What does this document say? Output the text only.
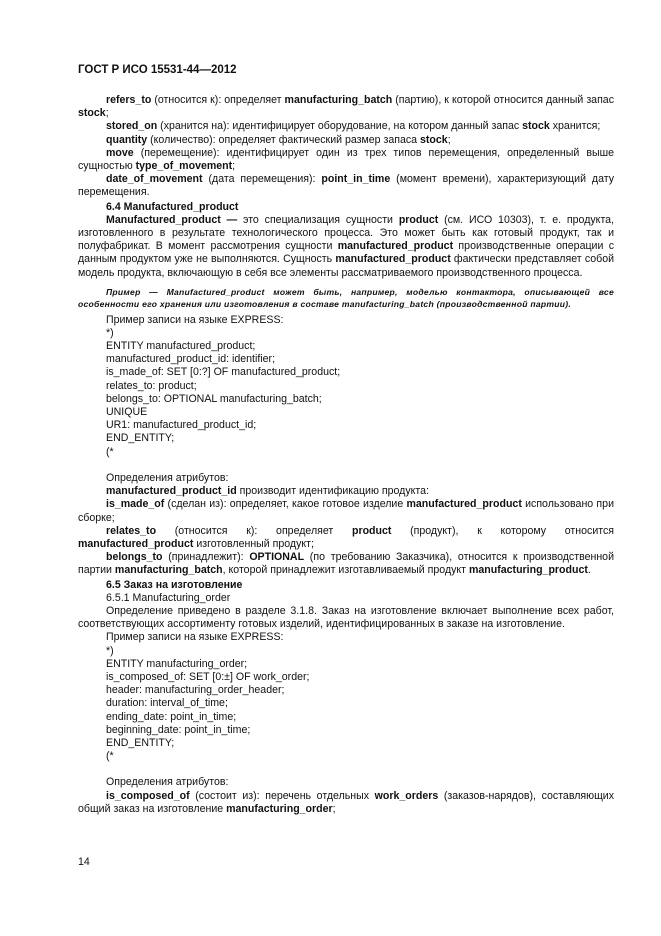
ГОСТ Р ИСО 15531-44—2012

refers_to (относится к): определяет manufacturing_batch (партию), к которой относится данный запас stock;

stored_on (хранится на): идентифицирует оборудование, на котором данный запас stock хранится;

quantity (количество): определяет фактический размер запаса stock;

move (перемещение): идентифицирует один из трех типов перемещения, определенный выше сущностью type_of_movement;

date_of_movement (дата перемещения): point_in_time (момент времени), характеризующий дату перемещения.

6.4 Manufactured_product

Manufactured_product — это специализация сущности product (см. ИСО 10303), т. е. продукта, изготовленного в результате технологического процесса. Это может быть как готовый продукт, так и полуфабрикат. В момент рассмотрения сущности manufactured_product производственные операции с данным продуктом уже не выполняются. Сущность manufactured_product фактически представляет собой модель продукта, включающую в себя все элементы рассматриваемого производственного процесса.

Пример — Manufactured_product может быть, например, моделью контактора, описывающей все особенности его хранения или изготовления в составе manufacturing_batch (производственной партии).

Пример записи на языке EXPRESS:

*)

ENTITY manufactured_product;

manufactured_product_id: identifier;

is_made_of: SET [0:?] OF manufactured_product;

relates_to: product;

belongs_to: OPTIONAL manufacturing_batch;

UNIQUE

UR1: manufactured_product_id;

END_ENTITY;

(*

Определения атрибутов:

manufactured_product_id производит идентификацию продукта:

is_made_of (сделан из): определяет, какое готовое изделие manufactured_product использовано при сборке;

relates_to (относится к): определяет product (продукт), к которому относится

manufactured_product изготовленный продукт;

belongs_to (принадлежит): OPTIONAL (по требованию Заказчика), относится к производственной партии manufacturing_batch, которой принадлежит изготавливаемый продукт manufacturing_product.

6.5 Заказ на изготовление

6.5.1 Manufacturing_order

Определение приведено в разделе 3.1.8. Заказ на изготовление включает выполнение всех работ, соответствующих ассортименту готовых изделий, идентифицированных в заказе на изготовление.

Пример записи на языке EXPRESS:

*)

ENTITY manufacturing_order;

is_composed_of: SET [0:±] OF work_order;

header: manufacturing_order_header;

duration: interval_of_time;

ending_date: point_in_time;

beginning_date: point_in_time;

END_ENTITY;

(*

Определения атрибутов:

is_composed_of (состоит из): перечень отдельных work_orders (заказов-нарядов), составляющих общий заказ на изготовление manufacturing_order;

14
